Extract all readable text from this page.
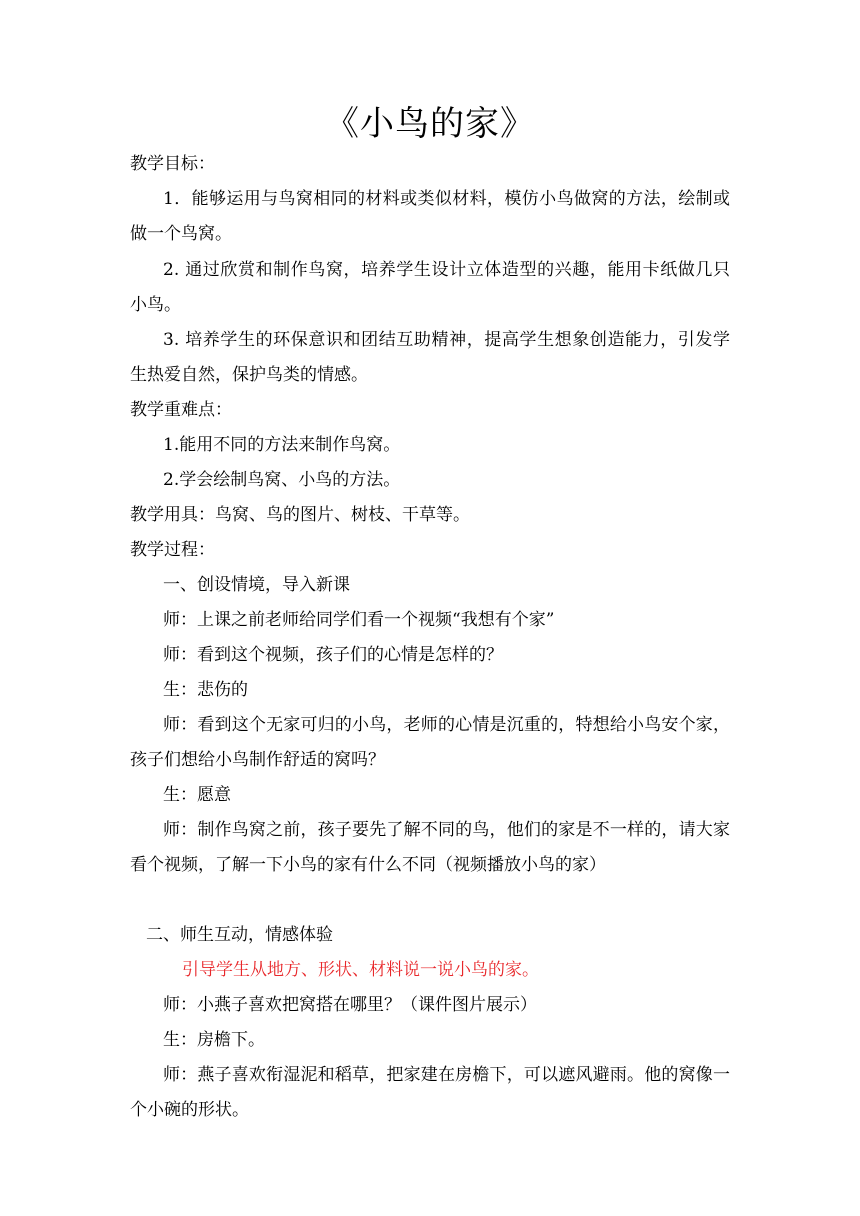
《小鸟的家》
教学目标：
1．能够运用与鸟窝相同的材料或类似材料，模仿小鸟做窝的方法，绘制或
做一个鸟窝。
2. 通过欣赏和制作鸟窝，培养学生设计立体造型的兴趣，能用卡纸做几只
小鸟。
3. 培养学生的环保意识和团结互助精神，提高学生想象创造能力，引发学
生热爱自然，保护鸟类的情感。
教学重难点：
1.能用不同的方法来制作鸟窝。
2.学会绘制鸟窝、小鸟的方法。
教学用具：鸟窝、鸟的图片、树枝、干草等。
教学过程：
一、创设情境，导入新课
师：上课之前老师给同学们看一个视频“我想有个家”
师：看到这个视频，孩子们的心情是怎样的？
生：悲伤的
师：看到这个无家可归的小鸟，老师的心情是沉重的，特想给小鸟安个家，
孩子们想给小鸟制作舒适的窝吗？
生：愿意
师：制作鸟窝之前，孩子要先了解不同的鸟，他们的家是不一样的，请大家
看个视频，了解一下小鸟的家有什么不同（视频播放小鸟的家）
二、师生互动，情感体验
引导学生从地方、形状、材料说一说小鸟的家。
师：小燕子喜欢把窝搭在哪里？（课件图片展示）
生：房檐下。
师：燕子喜欢衔湿泥和稻草，把家建在房檐下，可以遮风避雨。他的窝像一
个小碗的形状。
